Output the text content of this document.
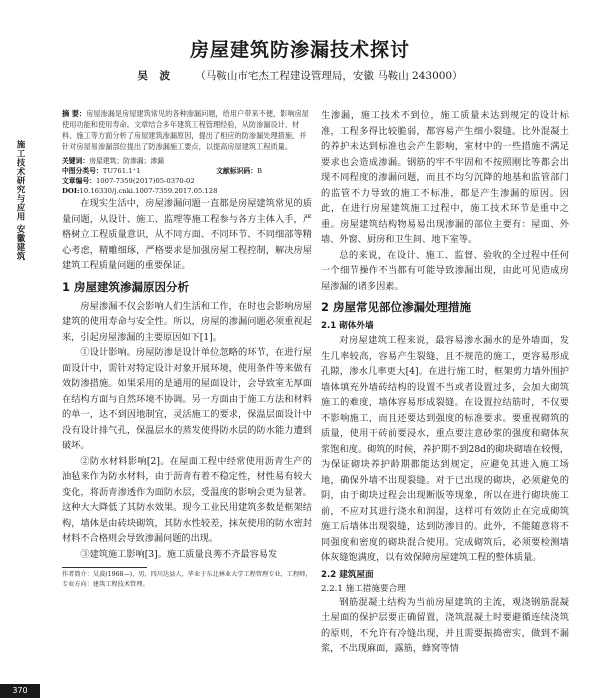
房屋建筑防渗漏技术探讨
吴 波 （马鞍山市宅杰工程建设管理局，安徽 马鞍山 243000）
施工技术研究与应用 安徽建筑

摘 要：房屋渗漏是房屋建筑常见的各种渗漏问题，给用户带来不便，影响房屋使用功能和使用寿命。文章结合多年建筑工程管理经验，从防渗漏设计、材料、施工等方面分析了房屋建筑渗漏原因，提出了相应的防渗漏处理措施，并针对房屋易渗漏部位提出了防渗漏施工要点，以提高房屋建筑工程质量。

关键词：房屋建筑；防渗漏；渗漏

中图分类号：TU761.1⁺1	文献标识码：B

文章编号：1007-7359(2017)05-0370-02

DOI:10.16330/j.cnki.1007-7359.2017.05.128

在现实生活中，房屋渗漏问题一直都是房屋建筑常见的质量问题，从设计、施工、监理等施工程参与各方主体入手，严格树立工程质量意识，从不同方面、不同环节、不同细部等精心考虑，精雕细琢，严格要求是加强房屋工程控制，解决房屋建筑工程质量问题的重要保证。

1 房屋建筑渗漏原因分析

房屋渗漏不仅会影响人们生活和工作，在时也会影响房屋建筑的使用寿命与安全性。所以，房屋的渗漏问题必须重视起来，引起房屋渗漏的主要原因如下[1]。

①设计影响。房屋防渗是设计单位忽略的环节，在进行屋面设计中，需针对特定设计对象开展环境，使用条件等来做有效防渗措施。如果采用的是通用的屋面设计，会导致室无厚面在结构方面与自然环境不协调。另一方面由于施工方法和材料的单一，达不到因地制宜，灵活施工的要求，保温层面设计中没有设计排气孔，保温层水的蒸发使得防水层的防水能力遭到破坏。

②防水材料影响[2]。在屋面工程中经常使用沥青生产的油毡来作为防水材料，由于沥青有着不稳定性，材性易有较大变化，将沥青渗透作为面防水层，受温度的影响会更为显著。这种大大降低了其防水效果。现今工业民用建筑多数是框架结构，墙体是由砖块砌筑，其防水性较差，抹灰使用的防水密封材料不合格则会导致渗漏问题的出现。

③建筑施工影响[3]。施工质量良莠不齐最容易发

作者简介：吴波(1968—)，男，四川达县人，毕业于东北林业大学工程管理专业，工程师，专业方向：建筑工程技术管理。

生渗漏，施工技术不到位，施工质量未达到规定的设计标准，工程多得比较脆弱，都容易产生细小裂缝。比外混凝土的养护未达到标准也会产生影响，室材中的一些措施不满足要求也会造成渗漏。钢筋的牢不牢固和不按照刚比等都会出现不同程度的渗漏问题，而且不均匀沉降的地基和监管部门的监管不力导致的施工不标准，都是产生渗漏的原因。因此，在进行房屋建筑施工过程中，施工技术环节是重中之重。房屋建筑结构物易易出现渗漏的部位主要有：屋面、外墙、外窗、厨房和卫生间、地下室等。

总的来说，在设计、施工、监督、验收的全过程中任何一个细节操作不当都有可能导致渗漏出现，由此可见造成房屋渗漏的诸多因素。

2 房屋常见部位渗漏处理措施
2.1 砌体外墙

对房屋建筑工程来说，最容易渗水漏水的是外墙面，发生几率较高，容易产生裂缝，且不规范的施工，更容易形成孔隙，渗水几率更大[4]。在进行施工时，框架剪力墙外围护墙体填充外墙砖结构的设置不当或者设置过多，会加大砌筑施工的难度，墙体容易形成裂缝。在设置拉结筋时，不仅要不影响施工，而且还要达到强度的标准要求。要重视砌筑的质量，使用干砖前要浸水，重点要注意砂浆的强度和砌体灰浆饱和度。砌筑的时候，养护期不到28d的砌块砌墙在较慢，为保证砌块养护龄期都能达到规定，应避免其进入施工场地，确保外墙不出现裂缝。对于已出现的砌块，必须避免的阴，由于砌块过程会出现断版等现象，所以在进行砌块施工前，不应对其进行浇水和润湿，这样可有效防止在完成砌筑施工后墙体出现裂缝，达到防渗目的。此外，不能随意将不同强度和密度的砌块混合使用。完成砌筑后，必须要检测墙体灰缝饱满度，以有效保障房屋建筑工程的整体质量。

2.2 建筑屋面
2.2.1 施工措施要合理

钢筋混凝土结构为当前房屋建筑的主流，观浇钢筋混凝土屋面的保护层要正确留置，浇筑混凝土时要避循连续浇筑的原则，不允许有冷缝出现，并且需要振捣密实，做到不漏浆，不出现麻面，露筋，蜂窝等情

370
